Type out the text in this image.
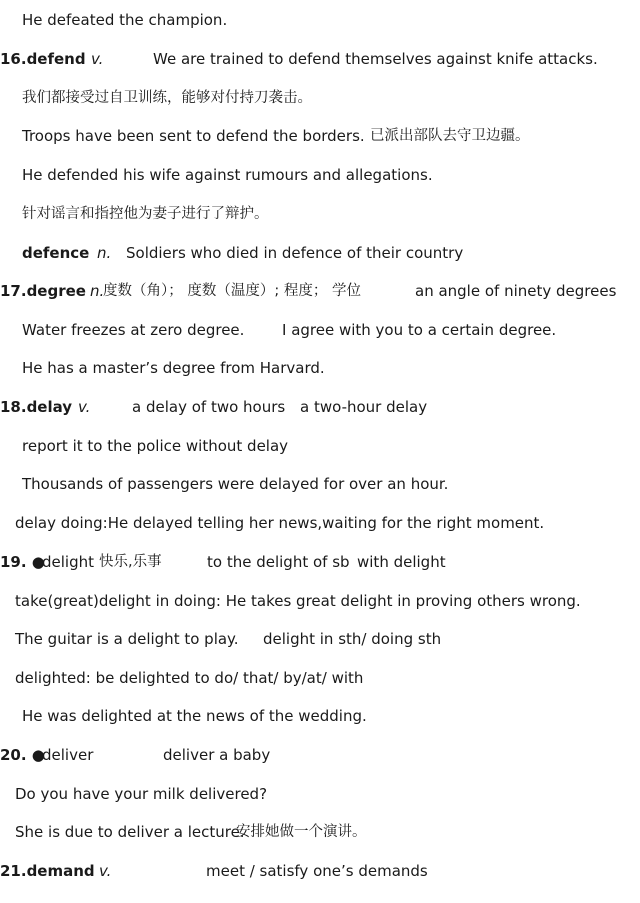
He defeated the champion.
16.defend v.	We are trained to defend themselves against knife attacks.
我们都接受过自卫训练，能够对付持刀袭击。
Troops have been sent to defend the borders. 已派出部队去守卫边疆。
He defended his wife against rumours and allegations.
针对谣言和指控他为妻子进行了辩护。
defence n. Soldiers who died in defence of their country
17.degree n.
度数（角）； 度数（温度）; 程度； 学位	an angle of ninety degrees
Water freezes at zero degree.	I agree with you to a certain degree.
He has a master’s degree from Harvard.
18.delay v.	a delay of two hours a two-hour delay
report it to the police without delay
Thousands of passengers were delayed for over an hour.
delay doing:He delayed telling her news,waiting for the right moment.
19. ●
delight 快乐,乐事	to the delight of sb with delight
take(great)delight in doing: He takes great delight in proving others wrong.
The guitar is a delight to play. delight in sth/ doing sth
delighted: be delighted to do/ that/ by/at/ with
He was delighted at the news of the wedding.
20. ●
deliver	deliver a baby
Do you have your milk delivered?
She is due to deliver a lecture.
安排她做一个演讲。
21.demand v.	meet / satisfy one’s demands
